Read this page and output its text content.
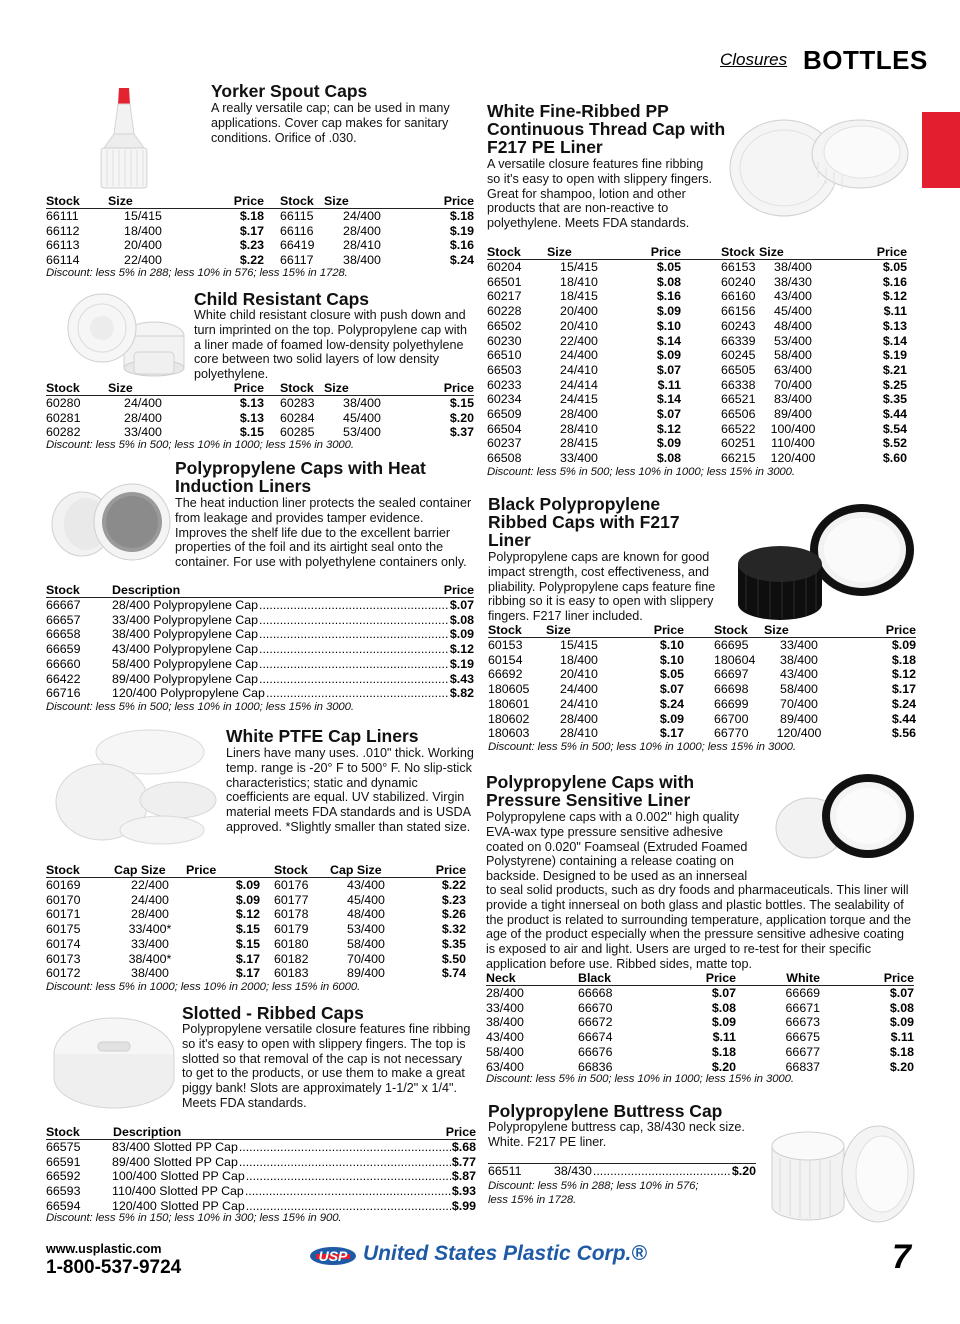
Closures BOTTLES
Yorker Spout Caps
A really versatile cap; can be used in many applications. Cover cap makes for sanitary conditions. Orifice of .030.
Stock	Size	Price	Stock	Size	Price
66111	15/415	$.18	66115	24/400	$.18
66112	18/400	$.17	66116	28/400	$.19
66113	20/400	$.23	66419	28/410	$.16
66114	22/400	$.22	66117	38/400	$.24
Discount: less 5% in 288; less 10% in 576; less 15% in 1728.
Child Resistant Caps
White child resistant closure with push down and turn imprinted on the top. Polypropylene cap with a liner made of foamed low-density polyethylene core between two solid layers of low density polyethylene.
Stock	Size	Price	Stock	Size	Price
60280	24/400	$.13	60283	38/400	$.15
60281	28/400	$.13	60284	45/400	$.20
60282	33/400	$.15	60285	53/400	$.37
Discount: less 5% in 500; less 10% in 1000; less 15% in 3000.
Polypropylene Caps with Heat Induction Liners
The heat induction liner protects the sealed container from leakage and provides tamper evidence. Improves the shelf life due to the excellent barrier properties of the foil and its airtight seal onto the container. For use with polyethylene containers only.
Stock	Description	Price
66667	28/400 Polypropylene Cap .....	$.07
66657	33/400 Polypropylene Cap .....	$.08
66658	38/400 Polypropylene Cap .....	$.09
66659	43/400 Polypropylene Cap .....	$.12
66660	58/400 Polypropylene Cap .....	$.19
66422	89/400 Polypropylene Cap .....	$.43
66716	120/400 Polypropylene Cap .....	$.82
Discount: less 5% in 500; less 10% in 1000; less 15% in 3000.
White PTFE Cap Liners
Liners have many uses. .010" thick. Working temp. range is -20° F to 500° F. No slip-stick characteristics; static and dynamic coefficients are equal. UV stabilized. Virgin material meets FDA standards and is USDA approved. *Slightly smaller than stated size.
Stock	Cap Size	Price	Stock	Cap Size	Price
60169	22/400	$.09	60176	43/400	$.22
60170	24/400	$.09	60177	45/400	$.23
60171	28/400	$.12	60178	48/400	$.26
60175	33/400*	$.15	60179	53/400	$.32
60174	33/400	$.15	60180	58/400	$.35
60173	38/400*	$.17	60182	70/400	$.50
60172	38/400	$.17	60183	89/400	$.74
Discount: less 5% in 1000; less 10% in 2000; less 15% in 6000.
Slotted - Ribbed Caps
Polypropylene versatile closure features fine ribbing so it's easy to open with slippery fingers. The top is slotted so that removal of the cap is not necessary to get to the products, or use them to make a great piggy bank! Slots are approximately 1-1/2" x 1/4". Meets FDA standards.
Stock	Description	Price
66575	83/400 Slotted PP Cap .....	$.68
66591	89/400 Slotted PP Cap .....	$.77
66592	100/400 Slotted PP Cap .....	$.87
66593	110/400 Slotted PP Cap .....	$.93
66594	120/400 Slotted PP Cap .....	$.99
Discount: less 5% in 150; less 10% in 300; less 15% in 900.
White Fine-Ribbed PP Continuous Thread Cap with F217 PE Liner
A versatile closure features fine ribbing so it's easy to open with slippery fingers. Great for shampoo, lotion and other products that are non-reactive to polyethylene. Meets FDA standards.
Stock	Size	Price	Stock	Size	Price
60204	15/415	$.05	66153	38/400	$.05
66501	18/410	$.08	60240	38/430	$.16
60217	18/415	$.16	66160	43/400	$.12
60228	20/400	$.09	66156	45/400	$.11
66502	20/410	$.10	60243	48/400	$.13
60230	22/400	$.14	66339	53/400	$.14
66510	24/400	$.09	60245	58/400	$.19
66503	24/410	$.07	66505	63/400	$.21
60233	24/414	$.11	66338	70/400	$.25
60234	24/415	$.14	66521	83/400	$.35
66509	28/400	$.07	66506	89/400	$.44
66504	28/410	$.12	66522	100/400	$.54
60237	28/415	$.09	60251	110/400	$.52
66508	33/400	$.08	66215	120/400	$.60
Discount: less 5% in 500; less 10% in 1000; less 15% in 3000.
Black Polypropylene Ribbed Caps with F217 Liner
Polypropylene caps are known for good impact strength, cost effectiveness, and pliability. Polypropylene caps feature fine ribbing so it is easy to open with slippery fingers. F217 liner included.
Stock	Size	Price	Stock	Size	Price
60153	15/415	$.10	66695	33/400	$.09
60154	18/400	$.10	180604	38/400	$.18
66692	20/410	$.05	66697	43/400	$.12
180605	24/400	$.07	66698	58/400	$.17
180601	24/410	$.24	66699	70/400	$.24
180602	28/400	$.09	66700	89/400	$.44
180603	28/410	$.17	66770	120/400	$.56
Discount: less 5% in 500; less 10% in 1000; less 15% in 3000.
Polypropylene Caps with Pressure Sensitive Liner
Polypropylene caps with a 0.002" high quality EVA-wax type pressure sensitive adhesive coated on 0.020" Foamseal (Extruded Foamed Polystyrene) containing a release coating on backside. Designed to be used as an innerseal
to seal solid products, such as dry foods and pharmaceuticals. This liner will provide a tight innerseal on both glass and plastic bottles. The sealability of the product is related to surrounding temperature, application torque and the age of the product especially when the pressure sensitive adhesive coating is exposed to air and light. Users are urged to re-test for their specific application before use. Ribbed sides, matte top.
Neck	Black	Price	White	Price
28/400	66668	$.07	66669	$.07
33/400	66670	$.08	66671	$.08
38/400	66672	$.09	66673	$.09
43/400	66674	$.11	66675	$.11
58/400	66676	$.18	66677	$.18
63/400	66836	$.20	66837	$.20
Discount: less 5% in 500; less 10% in 1000; less 15% in 3000.
Polypropylene Buttress Cap
Polypropylene buttress cap, 38/430 neck size. White. F217 PE liner.
66511	38/430 .....	$.20
Discount: less 5% in 288; less 10% in 576;
less 15% in 1728.
www.usplastic.com
1-800-537-9724
USP United States Plastic Corp.®	7
